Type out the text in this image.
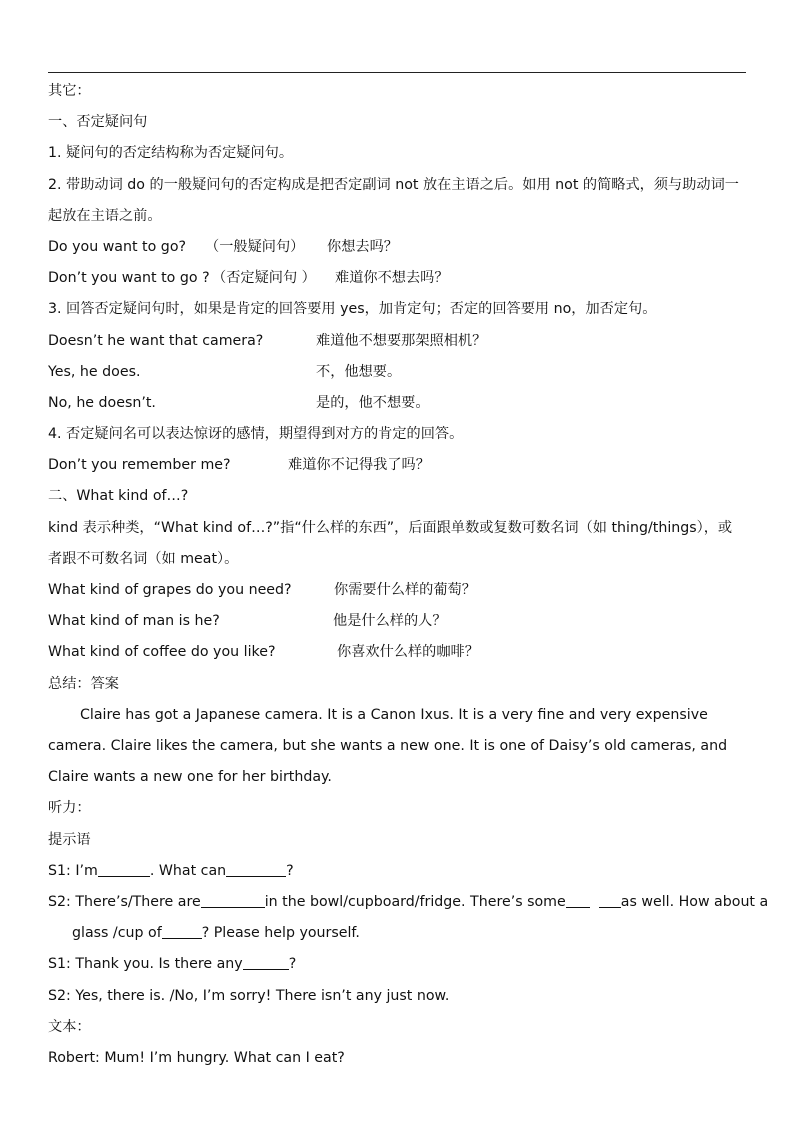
其它：
一、否定疑问句
1. 疑问句的否定结构称为否定疑问句。
2. 带助动词 do 的一般疑问句的否定构成是把否定副词 not 放在主语之后。如用 not 的简略式，须与助动词一起放在主语之前。
Do you want to go? （一般疑问句） 你想去吗？
Don’t you want to go ? （否定疑问句 ） 难道你不想去吗？
3. 回答否定疑问句时，如果是肯定的回答要用 yes，加肯定句；否定的回答要用 no，加否定句。
Doesn’t he want that camera?	难道他不想要那架照相机？
Yes, he does.	不，他想要。
No, he doesn’t.	是的，他不想要。
4. 否定疑问名可以表达惊讶的感情，期望得到对方的肯定的回答。
Don’t you remember me?	难道你不记得我了吗？
二、What kind of…?
kind 表示种类，“What kind of…?”指“什么样的东西”，后面跟单数或复数可数名词（如 thing/things），或者跟不可数名词（如 meat）。
What kind of grapes do you need?	你需要什么样的葡萄？
What kind of man is he?	他是什么样的人？
What kind of coffee do you like?	你喜欢什么样的咖啡？
总结：答案
Claire has got a Japanese camera. It is a Canon Ixus. It is a very fine and very expensive camera. Claire likes the camera, but she wants a new one. It is one of Daisy’s old cameras, and Claire wants a new one for her birthday.
听力：
提示语
S1: I’m	. What can	?
S2: There’s/There are	in the bowl/cupboard/fridge. There’s some	as well. How about a
glass /cup of	? Please help yourself.
S1: Thank you. Is there any	?
S2: Yes, there is. /No, I’m sorry! There isn’t any just now.
文本：
Robert: Mum! I’m hungry. What can I eat?
